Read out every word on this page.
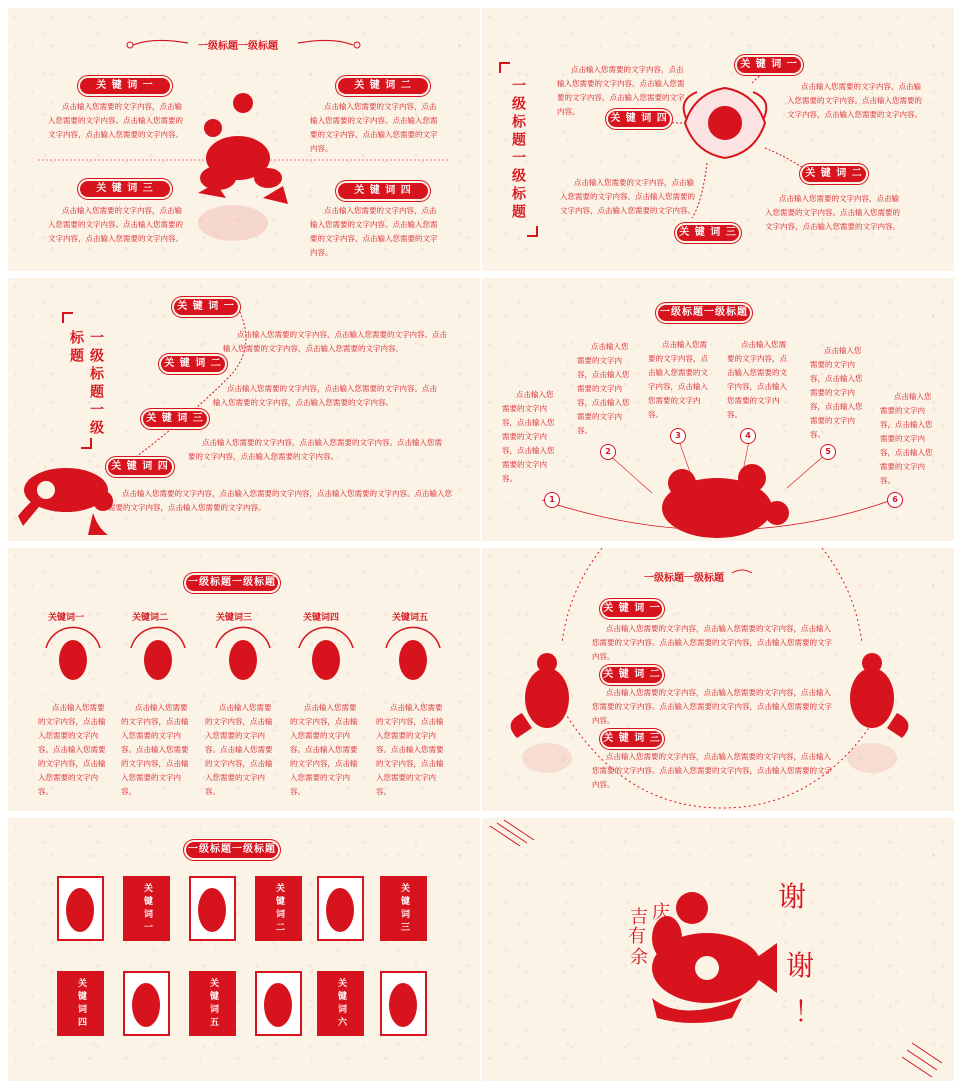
一级标题一级标题
关 键 词 一	关 键 词 二
关 键 词 三	关 键 词 四
点击输入您需要的文字内容，点击输入您需要的文字内容。点击输入您需要的文字内容，点击输入您需要的文字内容。
点击输入您需要的文字内容，点击输入您需要的文字内容。点击输入您需要的文字内容，点击输入您需要的文字内容。
点击输入您需要的文字内容，点击输入您需要的文字内容。点击输入您需要的文字内容，点击输入您需要的文字内容。
点击输入您需要的文字内容，点击输入您需要的文字内容。点击输入您需要的文字内容，点击输入您需要的文字内容。
一级标题一级标题
关 键 词 一
关 键 词 四
关 键 词 二
关 键 词 三
点击输入您需要的文字内容，点击输入您需要的文字内容。点击输入您需要的文字内容，点击输入您需要的文字内容。
点击输入您需要的文字内容，点击输入您需要的文字内容。点击输入您需要的文字内容，点击输入您需要的文字内容。
点击输入您需要的文字内容，点击输入您需要的文字内容。点击输入您需要的文字内容，点击输入您需要的文字内容。
点击输入您需要的文字内容，点击输入您需要的文字内容。点击输入您需要的文字内容，点击输入您需要的文字内容。
一级标题一级标题
关 键 词 一
关 键 词 二
关 键 词 三
关 键 词 四
点击输入您需要的文字内容，点击输入您需要的文字内容。点击输入您需要的文字内容，点击输入您需要的文字内容。
点击输入您需要的文字内容，点击输入您需要的文字内容。点击输入您需要的文字内容，点击输入您需要的文字内容。
点击输入您需要的文字内容，点击输入您需要的文字内容。点击输入您需要的文字内容，点击输入您需要的文字内容。
点击输入您需要的文字内容，点击输入您需要的文字内容，点击输入您需要的文字内容。点击输入您需要的文字内容，点击输入您需要的文字内容。
一级标题一级标题
1
2
3	4
5
6
点击输入您需要的文字内容，点击输入您需要的文字内容，点击输入您需要的文字内容。
点击输入您需要的文字内容，点击输入您需要的文字内容，点击输入您需要的文字内容。
点击输入您需要的文字内容，点击输入您需要的文字内容，点击输入您需要的文字内容。
点击输入您需要的文字内容，点击输入您需要的文字内容，点击输入您需要的文字内容。
点击输入您需要的文字内容，点击输入您需要的文字内容，点击输入您需要的文字内容。
点击输入您需要的文字内容，点击输入您需要的文字内容，点击输入您需要的文字内容。
一级标题一级标题
关键词一	关键词二	关键词三	关键词四	关键词五
点击输入您需要的文字内容，点击输入您需要的文字内容。点击输入您需要的文字内容，点击输入您需要的文字内容。
点击输入您需要的文字内容，点击输入您需要的文字内容。点击输入您需要的文字内容，点击输入您需要的文字内容。
点击输入您需要的文字内容，点击输入您需要的文字内容。点击输入您需要的文字内容，点击输入您需要的文字内容。
点击输入您需要的文字内容，点击输入您需要的文字内容。点击输入您需要的文字内容，点击输入您需要的文字内容。
点击输入您需要的文字内容，点击输入您需要的文字内容。点击输入您需要的文字内容，点击输入您需要的文字内容。
一级标题一级标题
关 键 词 一
关 键 词 二
关 键 词 三
点击输入您需要的文字内容，点击输入您需要的文字内容，点击输入您需要的文字内容。点击输入您需要的文字内容，点击输入您需要的文字内容。
点击输入您需要的文字内容，点击输入您需要的文字内容，点击输入您需要的文字内容。点击输入您需要的文字内容，点击输入您需要的文字内容。
点击输入您需要的文字内容，点击输入您需要的文字内容，点击输入您需要的文字内容。点击输入您需要的文字内容，点击输入您需要的文字内容。
一级标题一级标题
关键词一	关键词二	关键词三
关键词四	关键词五	关键词六
吉 庆
有
余
谢
谢
！
